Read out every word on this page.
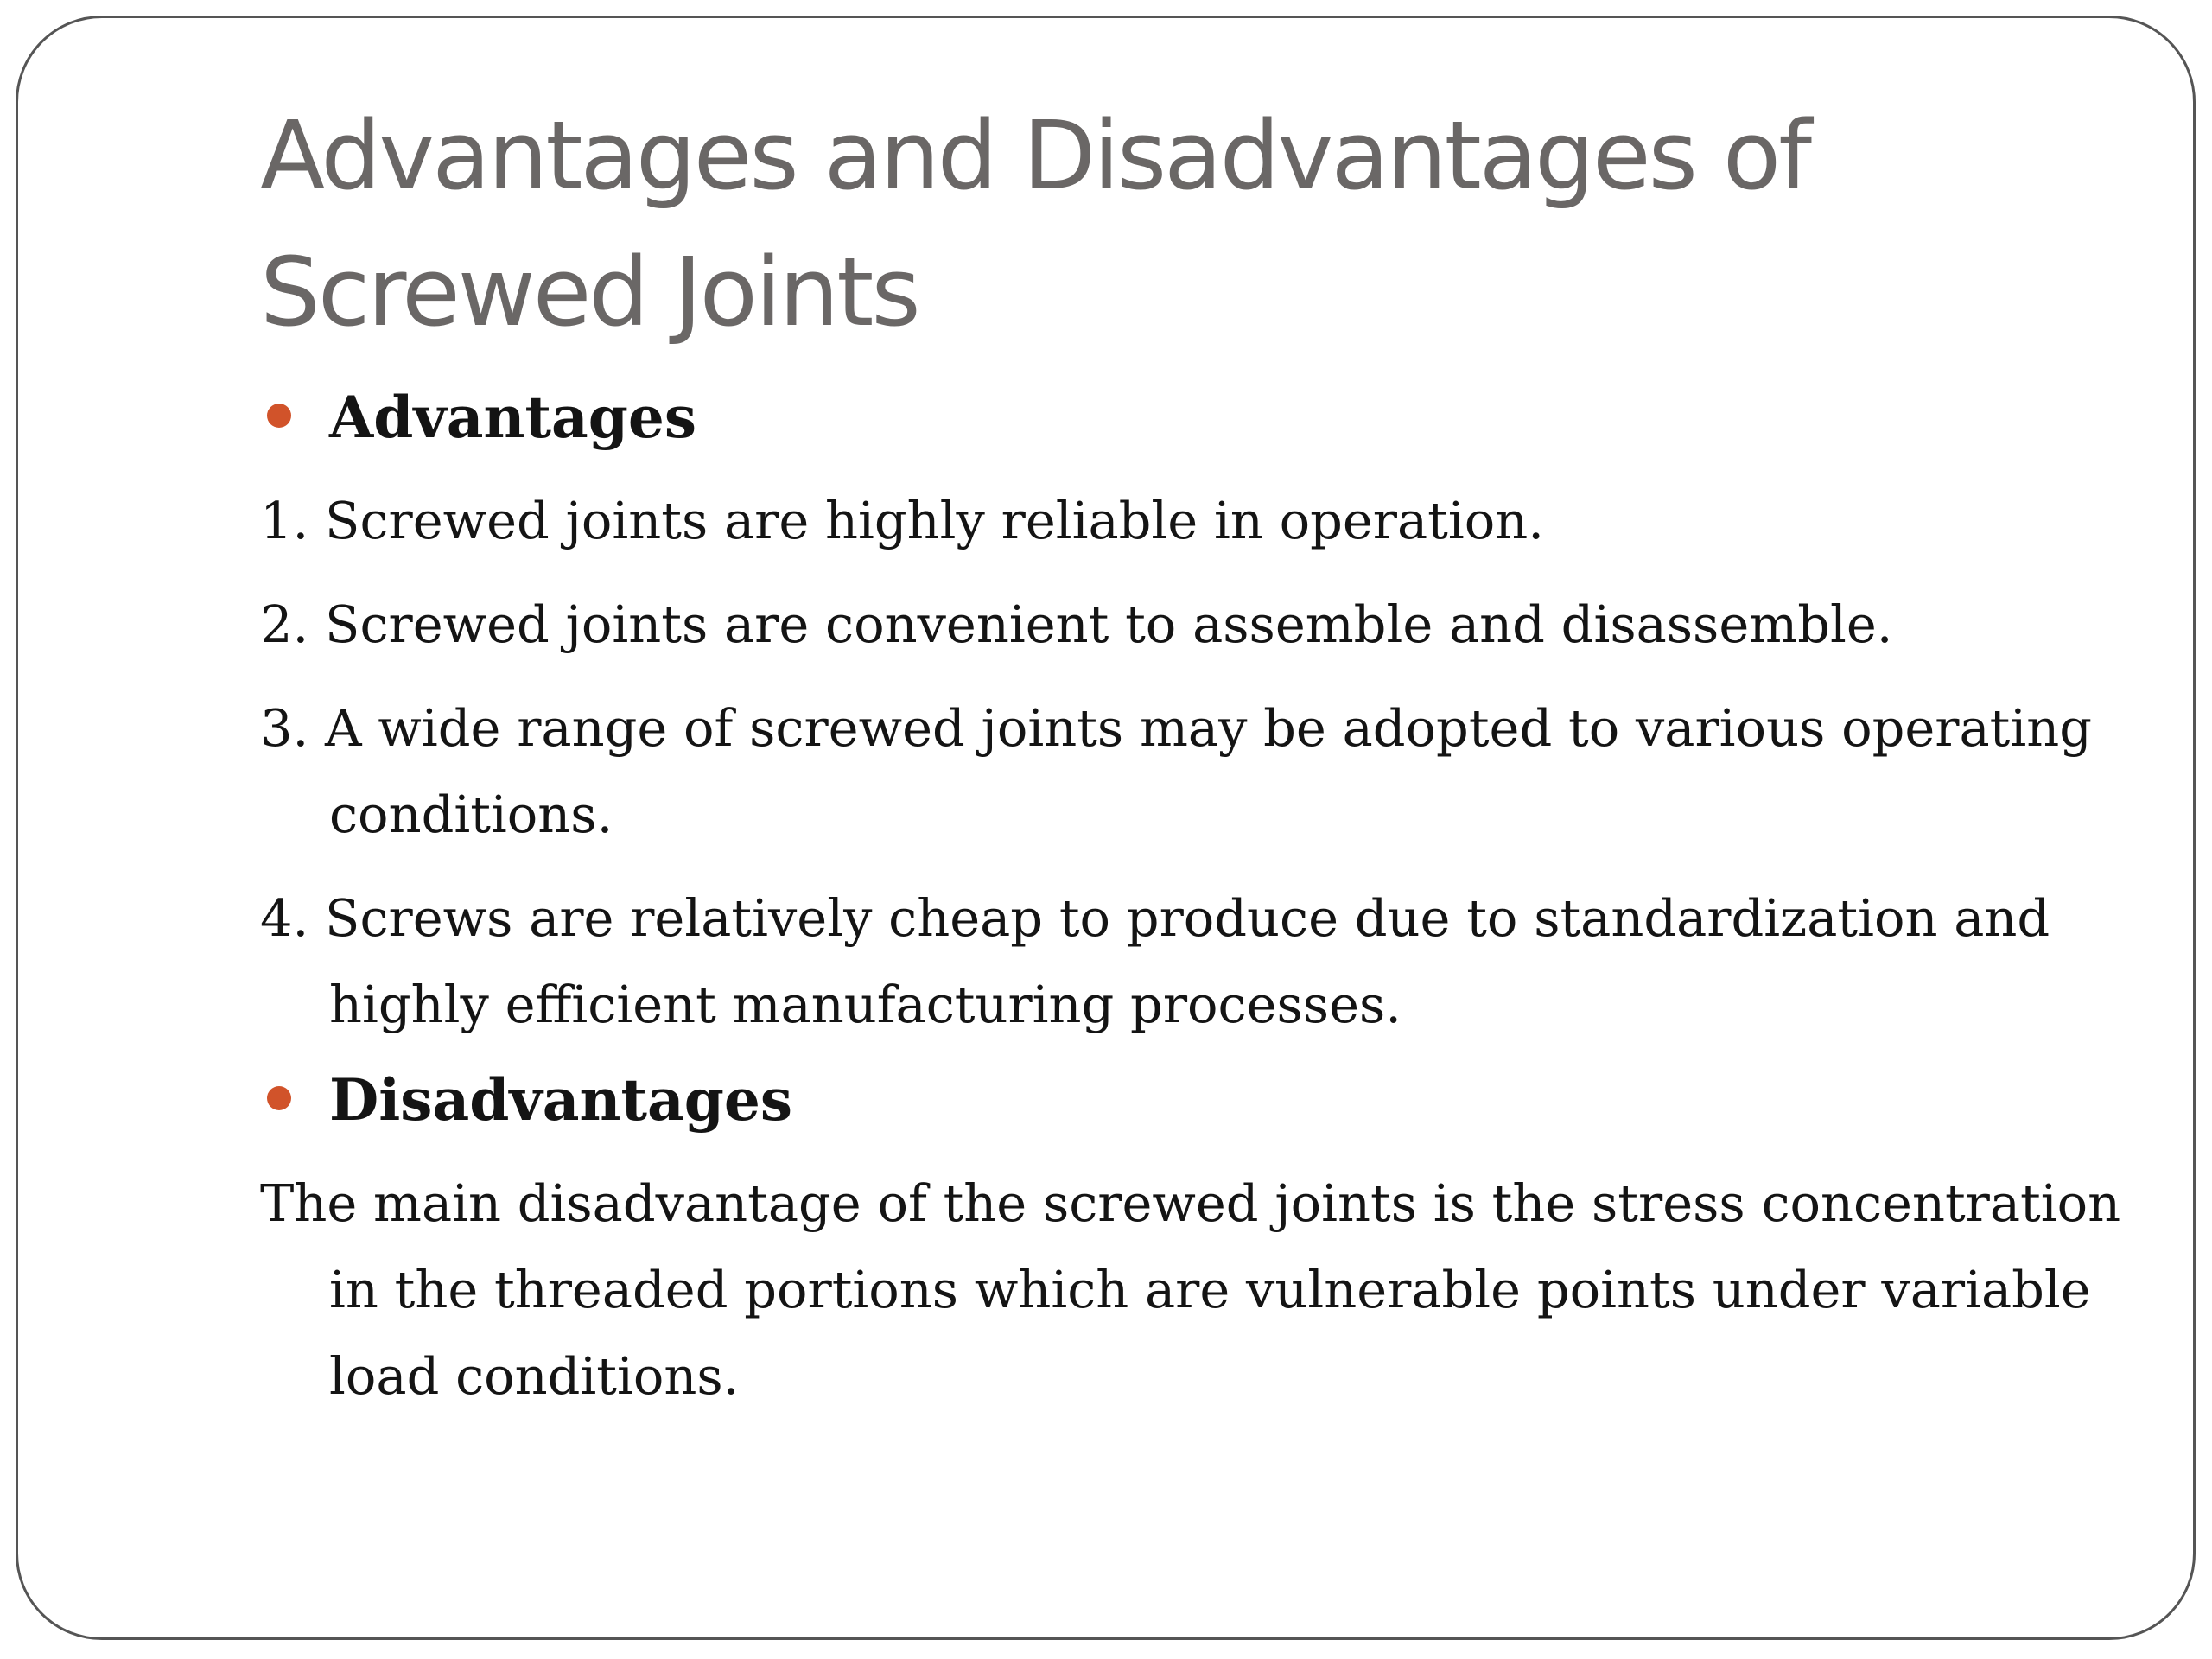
Advantages and Disadvantages of Screwed Joints
Advantages
1. Screwed joints are highly reliable in operation.
2. Screwed joints are convenient to assemble and disassemble.
3. A wide range of screwed joints may be adopted to various operating conditions.
4. Screws are relatively cheap to produce due to standardization and highly efficient manufacturing processes.
Disadvantages
The main disadvantage of the screwed joints is the stress concentration in the threaded portions which are vulnerable points under variable load conditions.
